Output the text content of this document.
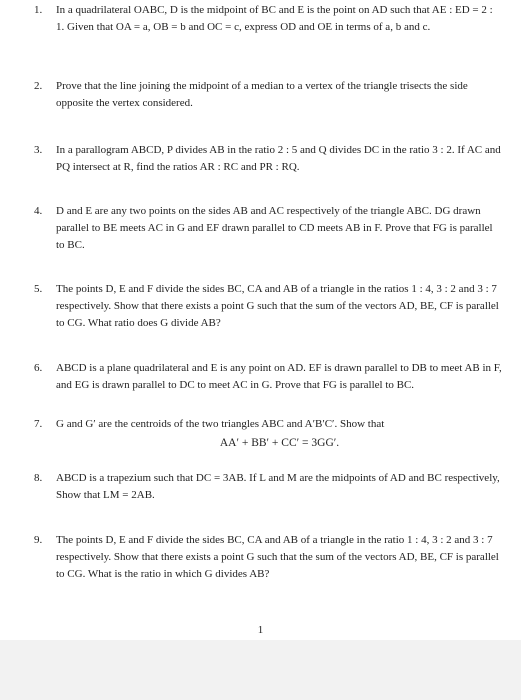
1. In a quadrilateral OABC, D is the midpoint of BC and E is the point on AD such that AE : ED = 2 : 1. Given that OA = a, OB = b and OC = c, express OD and OE in terms of a, b and c.
2. Prove that the line joining the midpoint of a median to a vertex of the triangle trisects the side opposite the vertex considered.
3. In a parallogram ABCD, P divides AB in the ratio 2 : 5 and Q divides DC in the ratio 3 : 2. If AC and PQ intersect at R, find the ratios AR : RC and PR : RQ.
4. D and E are any two points on the sides AB and AC respectively of the triangle ABC. DG drawn parallel to BE meets AC in G and EF drawn parallel to CD meets AB in F. Prove that FG is parallel to BC.
5. The points D, E and F divide the sides BC, CA and AB of a triangle in the ratios 1 : 4, 3 : 2 and 3 : 7 respectively. Show that there exists a point G such that the sum of the vectors AD, BE, CF is parallel to CG. What ratio does G divide AB?
6. ABCD is a plane quadrilateral and E is any point on AD. EF is drawn parallel to DB to meet AB in F, and EG is drawn parallel to DC to meet AC in G. Prove that FG is parallel to BC.
7. G and G′ are the centroids of the two triangles ABC and A′B′C′. Show that
AA′ + BB′ + CC′ = 3GG′.
8. ABCD is a trapezium such that DC = 3AB. If L and M are the midpoints of AD and BC respectively, Show that LM = 2AB.
9. The points D, E and F divide the sides BC, CA and AB of a triangle in the ratio 1 : 4, 3 : 2 and 3 : 7 respectively. Show that there exists a point G such that the sum of the vectors AD, BE, CF is parallel to CG. What is the ratio in which G divides AB?
1
